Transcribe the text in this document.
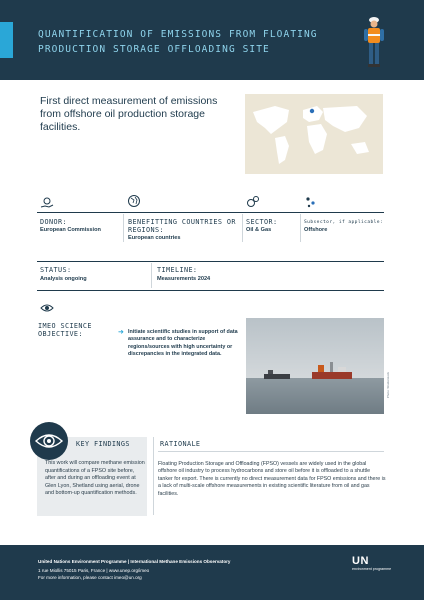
QUANTIFICATION OF EMISSIONS FROM FLOATING PRODUCTION STORAGE OFFLOADING SITE
First direct measurement of emissions from offshore oil production storage facilities.
DONOR:
European Commission
BENEFITTING COUNTRIES OR REGIONS:
European countries
SECTOR:
Oil & Gas
Subsector, if applicable:
Offshore
STATUS:
Analysis ongoing
TIMELINE:
Measurements 2024
IMEO SCIENCE OBJECTIVE:	➜ Initiate scientific studies in support of data assurance and to characterize regions/sources with high uncertainty or discrepancies in the integrated data.
Photo: Shutterstock
KEY FINDINGS
This work will compare methane emission quantifications of a FPSO site before, after and during an offloading event at Glen Lyon, Shetland using aerial, drone and bottom-up quantification methods.
RATIONALE
Floating Production Storage and Offloading (FPSO) vessels are widely used in the global offshore oil industry to process hydrocarbons and store oil before it is offloaded to a shuttle tanker for export. There is currently no direct measurement data for FPSO emissions and there is a lack of multi-scale offshore measurements in existing scientific literature from oil and gas facilities.
United Nations Environment Programme | International Methane Emissions Observatory
1 rue Miollis 75015 Paris, France | www.unep.org/imeo
For more information, please contact imeo@un.org
UN
environment programme
